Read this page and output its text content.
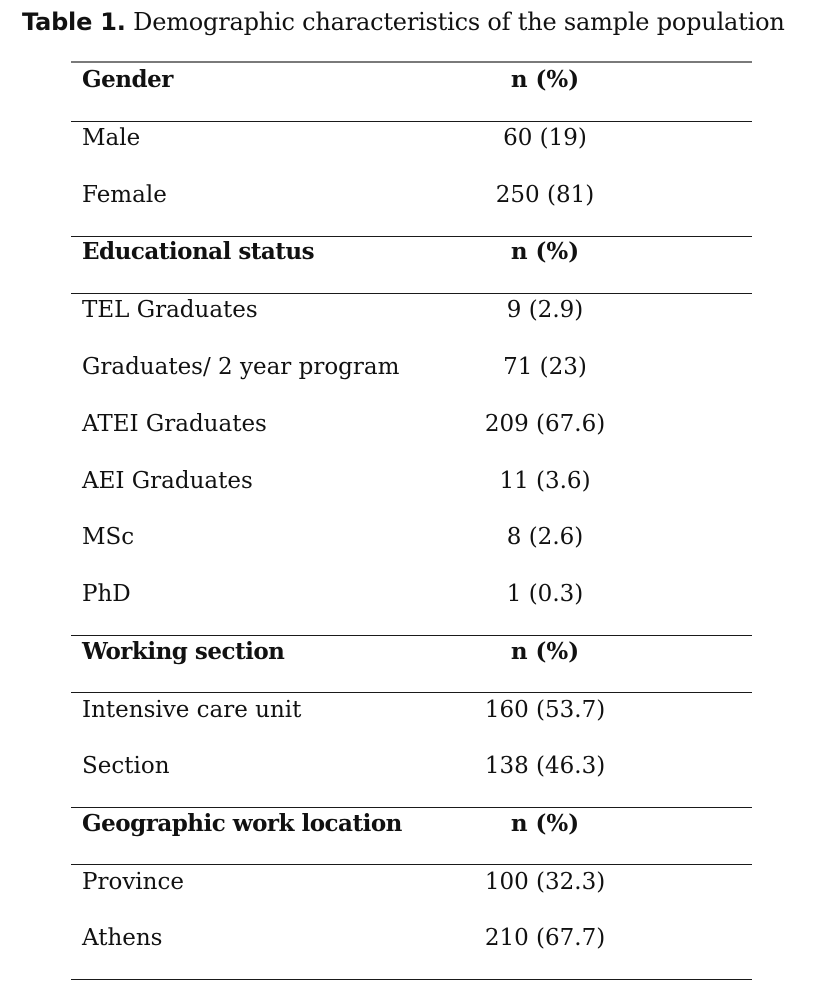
Table 1. Demographic characteristics of the sample population
Gender	n (%)
Male	60 (19)
Female	250 (81)
Educational status	n (%)
TEL Graduates	9 (2.9)
Graduates/ 2 year program	71 (23)
ATEI Graduates	209 (67.6)
AEI Graduates	11 (3.6)
MSc	8 (2.6)
PhD	1 (0.3)
Working section	n (%)
Intensive care unit	160 (53.7)
Section	138 (46.3)
Geographic work location	n (%)
Province	100 (32.3)
Athens	210 (67.7)
